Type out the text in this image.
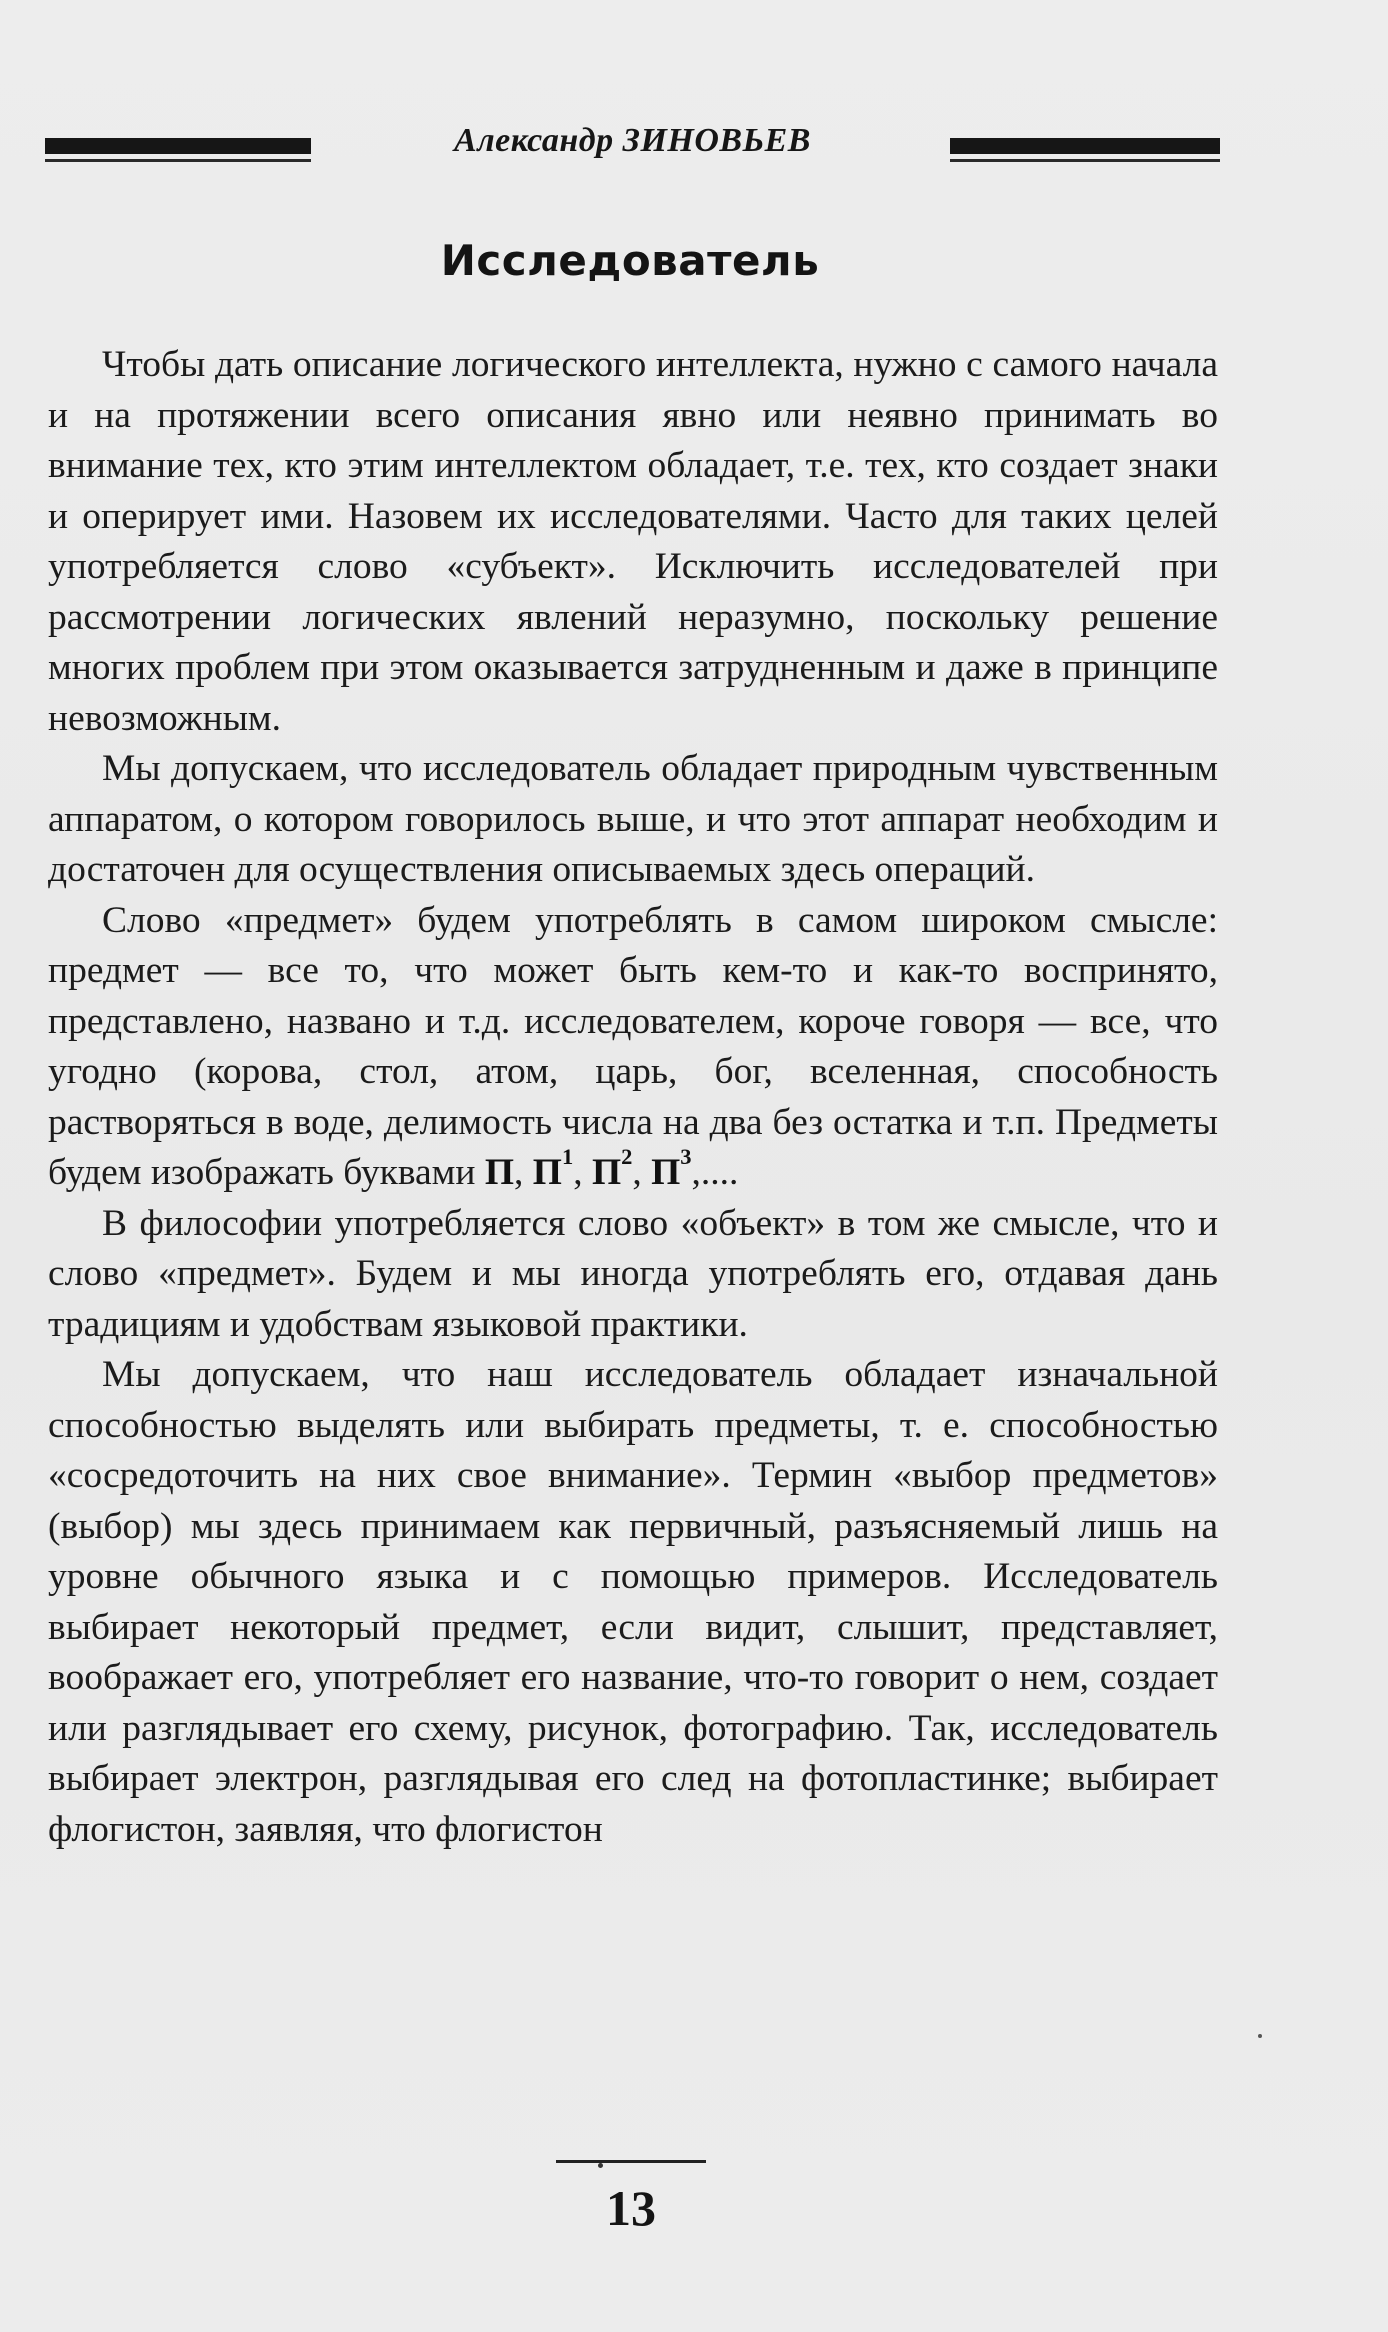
Александр ЗИНОВЬЕВ
Исследователь

Чтобы дать описание логического интеллекта, нужно с самого начала и на протяжении всего описания явно или неявно принимать во внимание тех, кто этим интеллектом обладает, т.е. тех, кто создает знаки и оперирует ими. Назовем их исследователями. Часто для таких целей употребляется слово «субъект». Исключить исследователей при рассмотрении логических явлений неразумно, поскольку решение многих проблем при этом оказывается затрудненным и даже в принципе невозможным.

Мы допускаем, что исследователь обладает природным чувственным аппаратом, о котором говорилось выше, и что этот аппарат необходим и достаточен для осуществления описываемых здесь операций.

Слово «предмет» будем употреблять в самом широком смысле: предмет — все то, что может быть кем-то и как-то воспринято, представлено, названо и т.д. исследователем, короче говоря — все, что угодно (корова, стол, атом, царь, бог, вселенная, способность растворяться в воде, делимость числа на два без остатка и т.п. Предметы будем изображать буквами П, $П^1$, $П^2$, $П^3$,....

В философии употребляется слово «объект» в том же смысле, что и слово «предмет». Будем и мы иногда употреблять его, отдавая дань традициям и удобствам языковой практики.

Мы допускаем, что наш исследователь обладает изначальной способностью выделять или выбирать предметы, т. е. способностью «сосредоточить на них свое внимание». Термин «выбор предметов» (выбор) мы здесь принимаем как первичный, разъясняемый лишь на уровне обычного языка и с помощью примеров. Исследователь выбирает некоторый предмет, если видит, слышит, представляет, воображает его, употребляет его название, что-то говорит о нем, создает или разглядывает его схему, рисунок, фотографию. Так, исследователь выбирает электрон, разглядывая его след на фотопластинке; выбирает флогистон, заявляя, что флогистон

13
